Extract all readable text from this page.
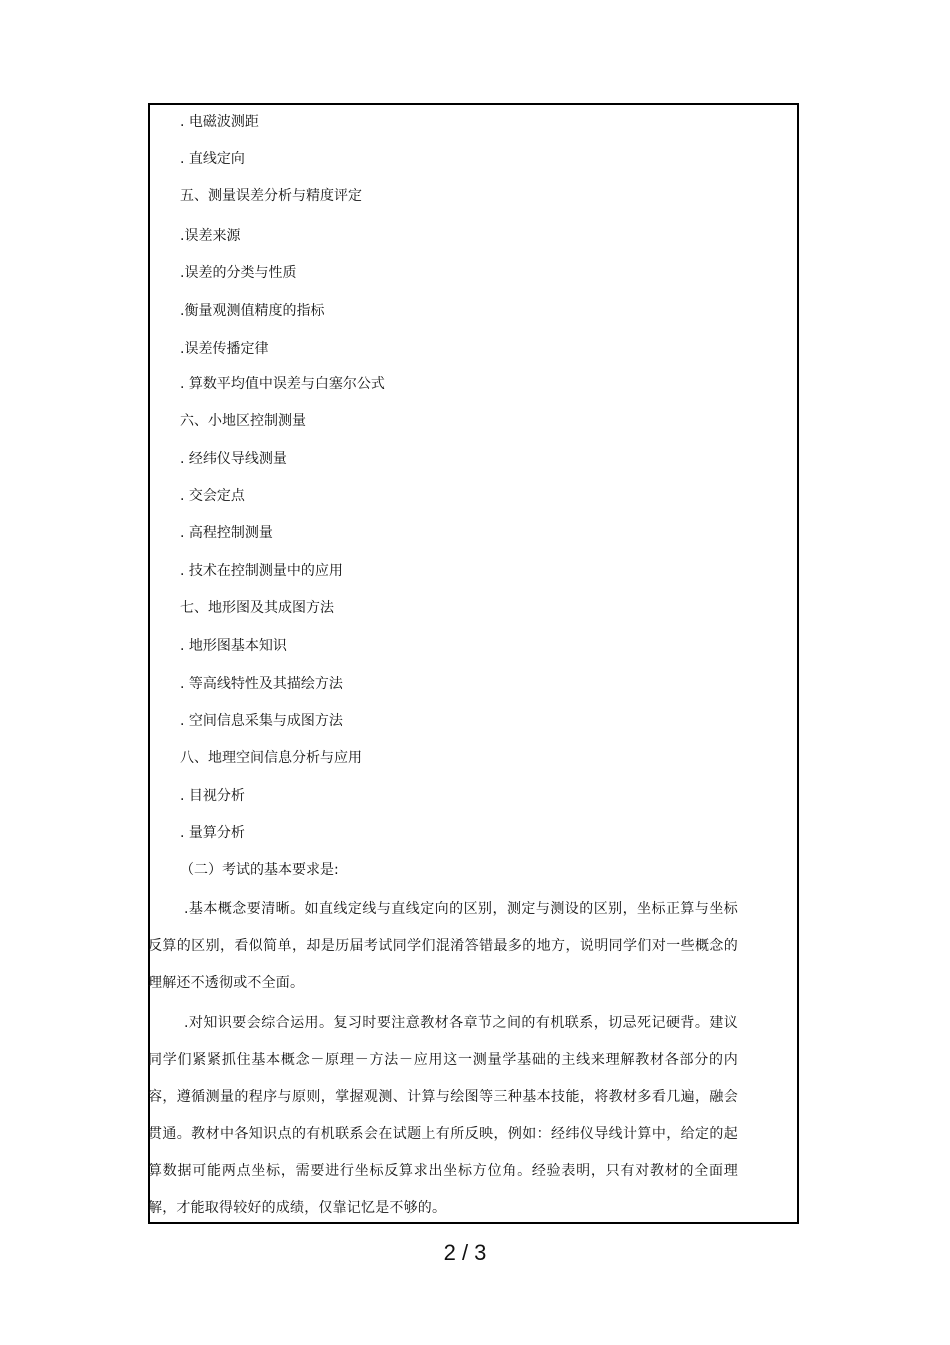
. 电磁波测距
. 直线定向
五、测量误差分析与精度评定
.误差来源
.误差的分类与性质
.衡量观测值精度的指标
.误差传播定律
. 算数平均值中误差与白塞尔公式
六、小地区控制测量
. 经纬仪导线测量
. 交会定点
. 高程控制测量
. 技术在控制测量中的应用
七、地形图及其成图方法
. 地形图基本知识
. 等高线特性及其描绘方法
. 空间信息采集与成图方法
八、地理空间信息分析与应用
. 目视分析
. 量算分析
（二）考试的基本要求是:

.基本概念要清晰。如直线定线与直线定向的区别，测定与测设的区别，坐标正算与坐标反算的区别，看似简单，却是历届考试同学们混淆答错最多的地方，说明同学们对一些概念的理解还不透彻或不全面。

.对知识要会综合运用。复习时要注意教材各章节之间的有机联系，切忌死记硬背。建议同学们紧紧抓住基本概念－原理－方法－应用这一测量学基础的主线来理解教材各部分的内容，遵循测量的程序与原则，掌握观测、计算与绘图等三种基本技能，将教材多看几遍，融会贯通。教材中各知识点的有机联系会在试题上有所反映，例如：经纬仪导线计算中，给定的起算数据可能两点坐标，需要进行坐标反算求出坐标方位角。经验表明，只有对教材的全面理解，才能取得较好的成绩，仅靠记忆是不够的。

2 / 3
